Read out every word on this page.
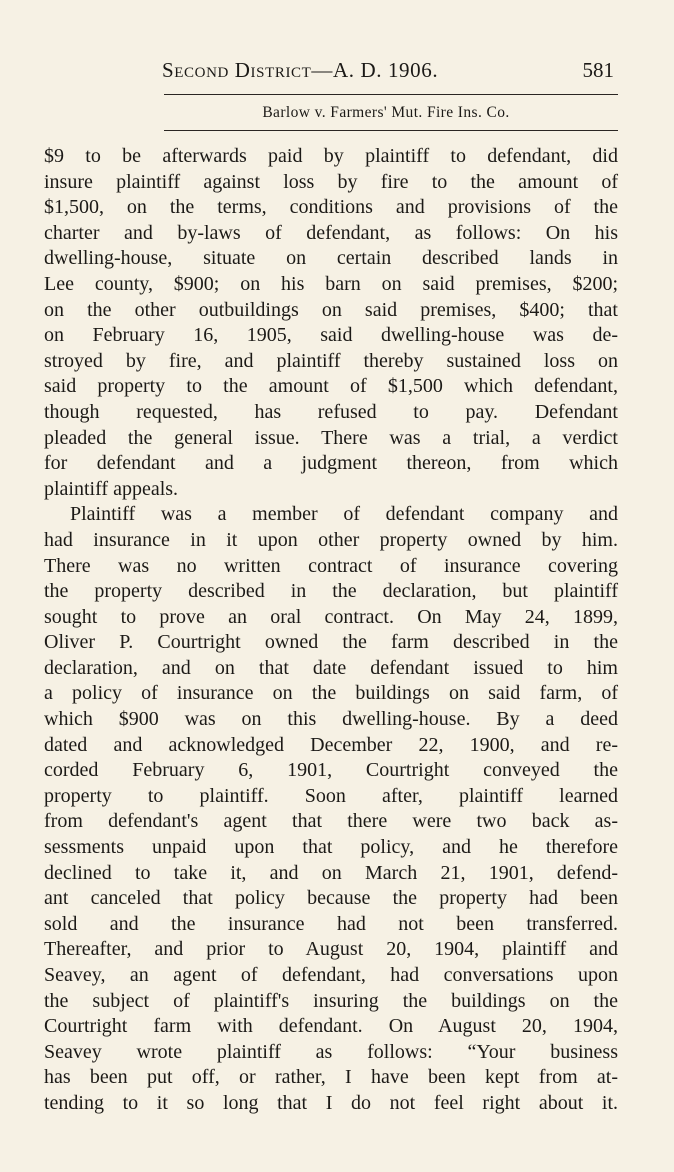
Second District—A. D. 1906.	581
Barlow v. Farmers' Mut. Fire Ins. Co.
$9 to be afterwards paid by plaintiff to defendant, did
insure plaintiff against loss by fire to the amount of
$1,500, on the terms, conditions and provisions of the
charter and by-laws of defendant, as follows: On his
dwelling-house, situate on certain described lands in
Lee county, $900; on his barn on said premises, $200;
on the other outbuildings on said premises, $400; that
on February 16, 1905, said dwelling-house was de-
stroyed by fire, and plaintiff thereby sustained loss on
said property to the amount of $1,500 which defendant,
though requested, has refused to pay. Defendant
pleaded the general issue. There was a trial, a verdict
for defendant and a judgment thereon, from which
plaintiff appeals.
Plaintiff was a member of defendant company and
had insurance in it upon other property owned by him.
There was no written contract of insurance covering
the property described in the declaration, but plaintiff
sought to prove an oral contract. On May 24, 1899,
Oliver P. Courtright owned the farm described in the
declaration, and on that date defendant issued to him
a policy of insurance on the buildings on said farm, of
which $900 was on this dwelling-house. By a deed
dated and acknowledged December 22, 1900, and re-
corded February 6, 1901, Courtright conveyed the
property to plaintiff. Soon after, plaintiff learned
from defendant's agent that there were two back as-
sessments unpaid upon that policy, and he therefore
declined to take it, and on March 21, 1901, defend-
ant canceled that policy because the property had been
sold and the insurance had not been transferred.
Thereafter, and prior to August 20, 1904, plaintiff and
Seavey, an agent of defendant, had conversations upon
the subject of plaintiff's insuring the buildings on the
Courtright farm with defendant. On August 20, 1904,
Seavey wrote plaintiff as follows: “Your business
has been put off, or rather, I have been kept from at-
tending to it so long that I do not feel right about it.
